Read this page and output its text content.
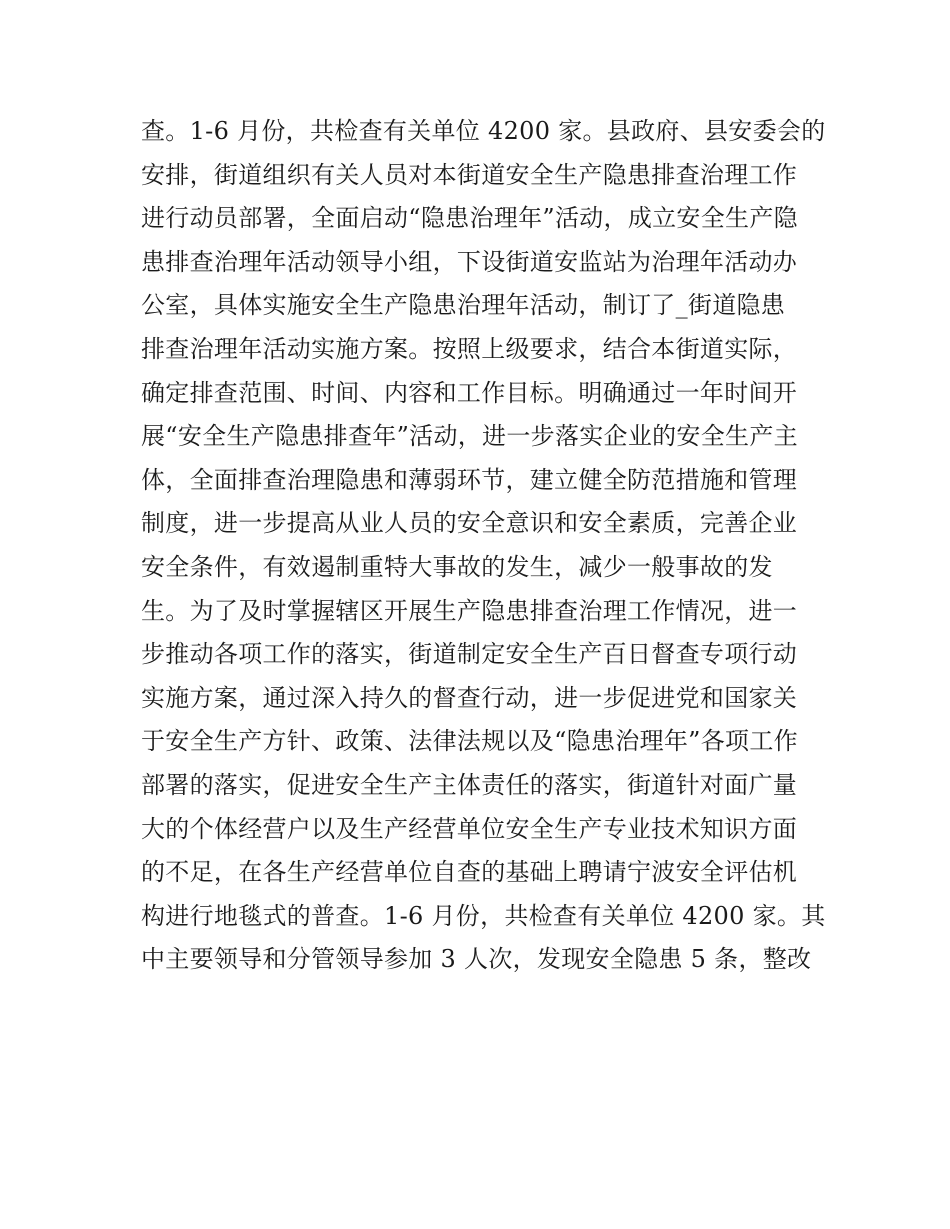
查。1-6 月份，共检查有关单位 4200 家。县政府、县安委会的
安排，街道组织有关人员对本街道安全生产隐患排查治理工作
进行动员部署，全面启动“隐患治理年”活动，成立安全生产隐
患排查治理年活动领导小组，下设街道安监站为治理年活动办
公室，具体实施安全生产隐患治理年活动，制订了_街道隐患
排查治理年活动实施方案。按照上级要求，结合本街道实际，
确定排查范围、时间、内容和工作目标。明确通过一年时间开
展“安全生产隐患排查年”活动，进一步落实企业的安全生产主
体，全面排查治理隐患和薄弱环节，建立健全防范措施和管理
制度，进一步提高从业人员的安全意识和安全素质，完善企业
安全条件，有效遏制重特大事故的发生，减少一般事故的发
生。为了及时掌握辖区开展生产隐患排查治理工作情况，进一
步推动各项工作的落实，街道制定安全生产百日督查专项行动
实施方案，通过深入持久的督查行动，进一步促进党和国家关
于安全生产方针、政策、法律法规以及“隐患治理年”各项工作
部署的落实，促进安全生产主体责任的落实，街道针对面广量
大的个体经营户以及生产经营单位安全生产专业技术知识方面
的不足，在各生产经营单位自查的基础上聘请宁波安全评估机
构进行地毯式的普查。1-6 月份，共检查有关单位 4200 家。其
中主要领导和分管领导参加 3 人次，发现安全隐患 5 条，整改
